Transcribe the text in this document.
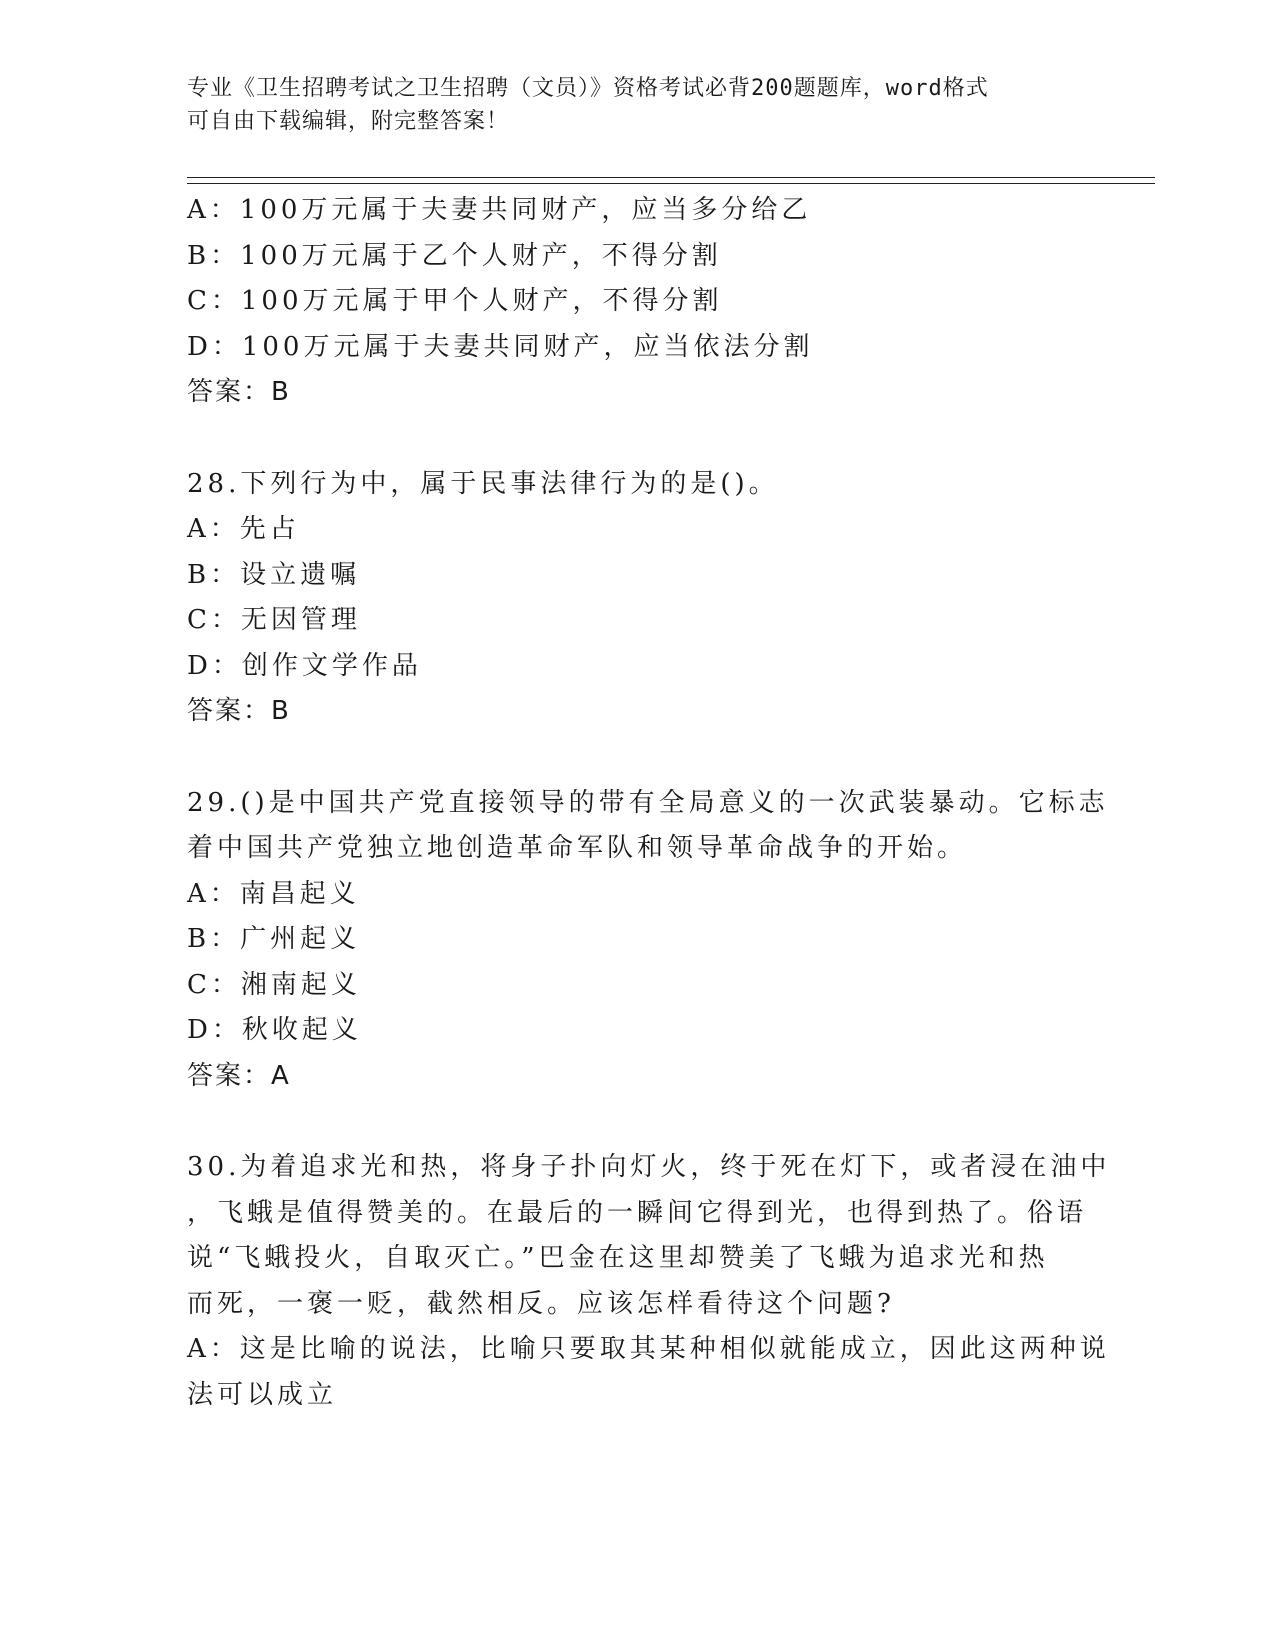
专业《卫生招聘考试之卫生招聘（文员）》资格考试必背200题题库，word格式
可自由下载编辑，附完整答案！
A：100万元属于夫妻共同财产，应当多分给乙
B：100万元属于乙个人财产，不得分割
C：100万元属于甲个人财产，不得分割
D：100万元属于夫妻共同财产，应当依法分割
答案：B
28.下列行为中，属于民事法律行为的是()。
A：先占
B：设立遗嘱
C：无因管理
D：创作文学作品
答案：B
29.()是中国共产党直接领导的带有全局意义的一次武装暴动。它标志
着中国共产党独立地创造革命军队和领导革命战争的开始。
A：南昌起义
B：广州起义
C：湘南起义
D：秋收起义
答案：A
30.为着追求光和热，将身子扑向灯火，终于死在灯下，或者浸在油中
，飞蛾是值得赞美的。在最后的一瞬间它得到光，也得到热了。俗语
说“飞蛾投火，自取灭亡。”巴金在这里却赞美了飞蛾为追求光和热
而死，一褒一贬，截然相反。应该怎样看待这个问题?
A：这是比喻的说法，比喻只要取其某种相似就能成立，因此这两种说
法可以成立
